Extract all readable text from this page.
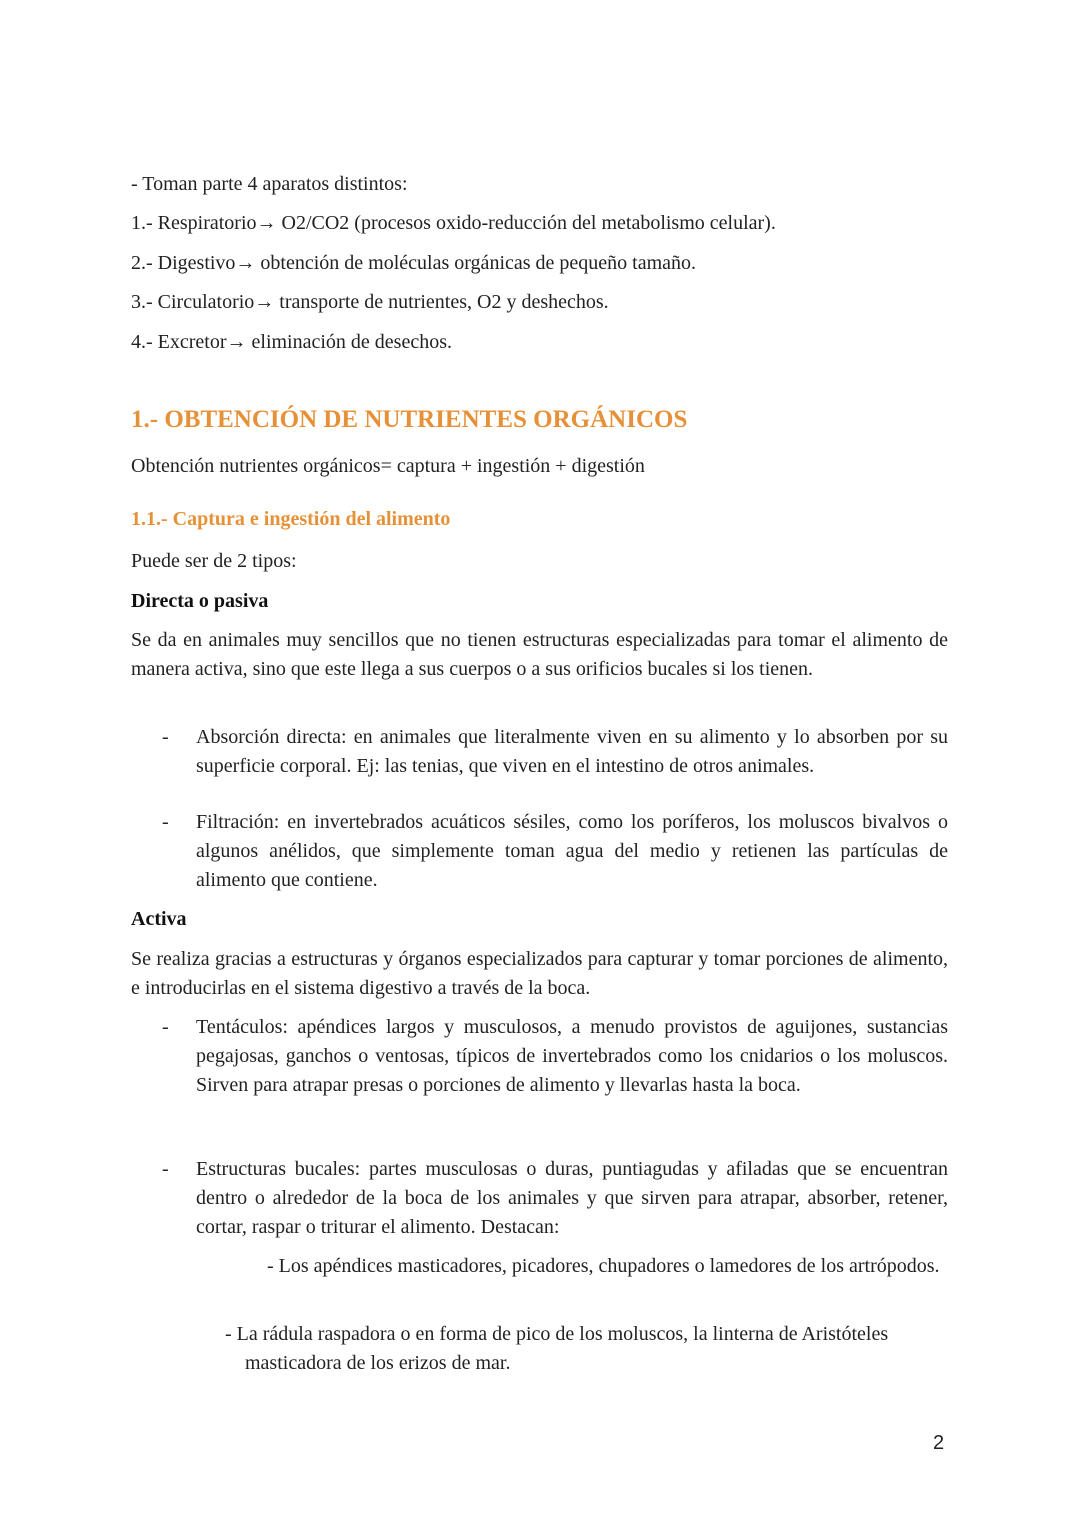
- Toman parte 4 aparatos distintos:
1.- Respiratorio→ O2/CO2 (procesos oxido-reducción del metabolismo celular).
2.- Digestivo→ obtención de moléculas orgánicas de pequeño tamaño.
3.- Circulatorio→ transporte de nutrientes, O2 y deshechos.
4.- Excretor→ eliminación de desechos.
1.- OBTENCIÓN DE NUTRIENTES ORGÁNICOS
Obtención nutrientes orgánicos= captura + ingestión + digestión
1.1.- Captura e ingestión del alimento
Puede ser de 2 tipos:
Directa o pasiva
Se da en animales muy sencillos que no tienen estructuras especializadas para tomar el alimento de manera activa, sino que este llega a sus cuerpos o a sus orificios bucales si los tienen.
- Absorción directa: en animales que literalmente viven en su alimento y lo absorben por su superficie corporal. Ej: las tenias, que viven en el intestino de otros animales.
- Filtración: en invertebrados acuáticos sésiles, como los poríferos, los moluscos bivalvos o algunos anélidos, que simplemente toman agua del medio y retienen las partículas de alimento que contiene.
Activa
Se realiza gracias a estructuras y órganos especializados para capturar y tomar porciones de alimento, e introducirlas en el sistema digestivo a través de la boca.
- Tentáculos: apéndices largos y musculosos, a menudo provistos de aguijones, sustancias pegajosas, ganchos o ventosas, típicos de invertebrados como los cnidarios o los moluscos. Sirven para atrapar presas o porciones de alimento y llevarlas hasta la boca.
- Estructuras bucales: partes musculosas o duras, puntiagudas y afiladas que se encuentran dentro o alrededor de la boca de los animales y que sirven para atrapar, absorber, retener, cortar, raspar o triturar el alimento. Destacan:
- Los apéndices masticadores, picadores, chupadores o lamedores de los artrópodos.
- La rádula raspadora o en forma de pico de los moluscos, la linterna de Aristóteles
masticadora de los erizos de mar.
2
